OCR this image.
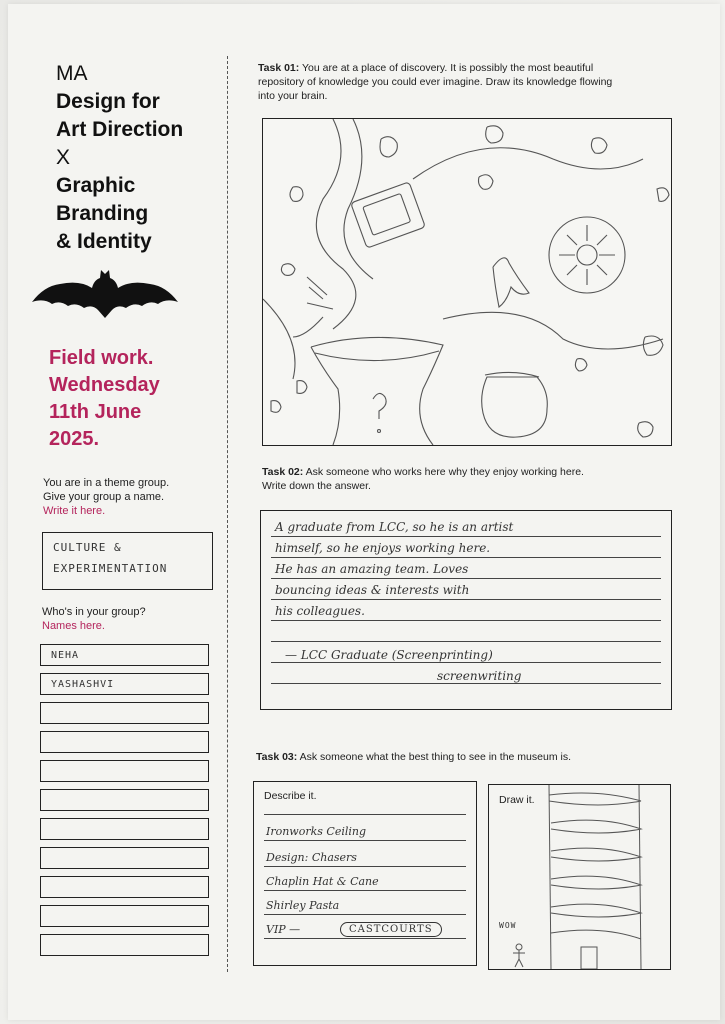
MA
Design for
Art Direction
X
Graphic
Branding
& Identity
Field work.
Wednesday
11th June
2025.
You are in a theme group.
Give your group a name.
Write it here.
CULTURE &
EXPERIMENTATION
Who's in your group?
Names here.
NEHA
YASHASHVI
Task 01: You are at a place of discovery. It is possibly the most beautiful
repository of knowledge you could ever imagine. Draw its knowledge flowing
into your brain.
Task 02: Ask someone who works here why they enjoy working here.
Write down the answer.
A graduate from LCC, so he is an artist
himself, so he enjoys working here.
He has an amazing team. Loves
bouncing ideas & interests with
his colleagues.
— LCC Graduate (Screenprinting)
screenwriting
Task 03: Ask someone what the best thing to see in the museum is.
Describe it.
Ironworks Ceiling
Design: Chasers
Chaplin Hat & Cane
Shirley Pasta
VIP —	CASTCOURTS
Draw it.
WOW
